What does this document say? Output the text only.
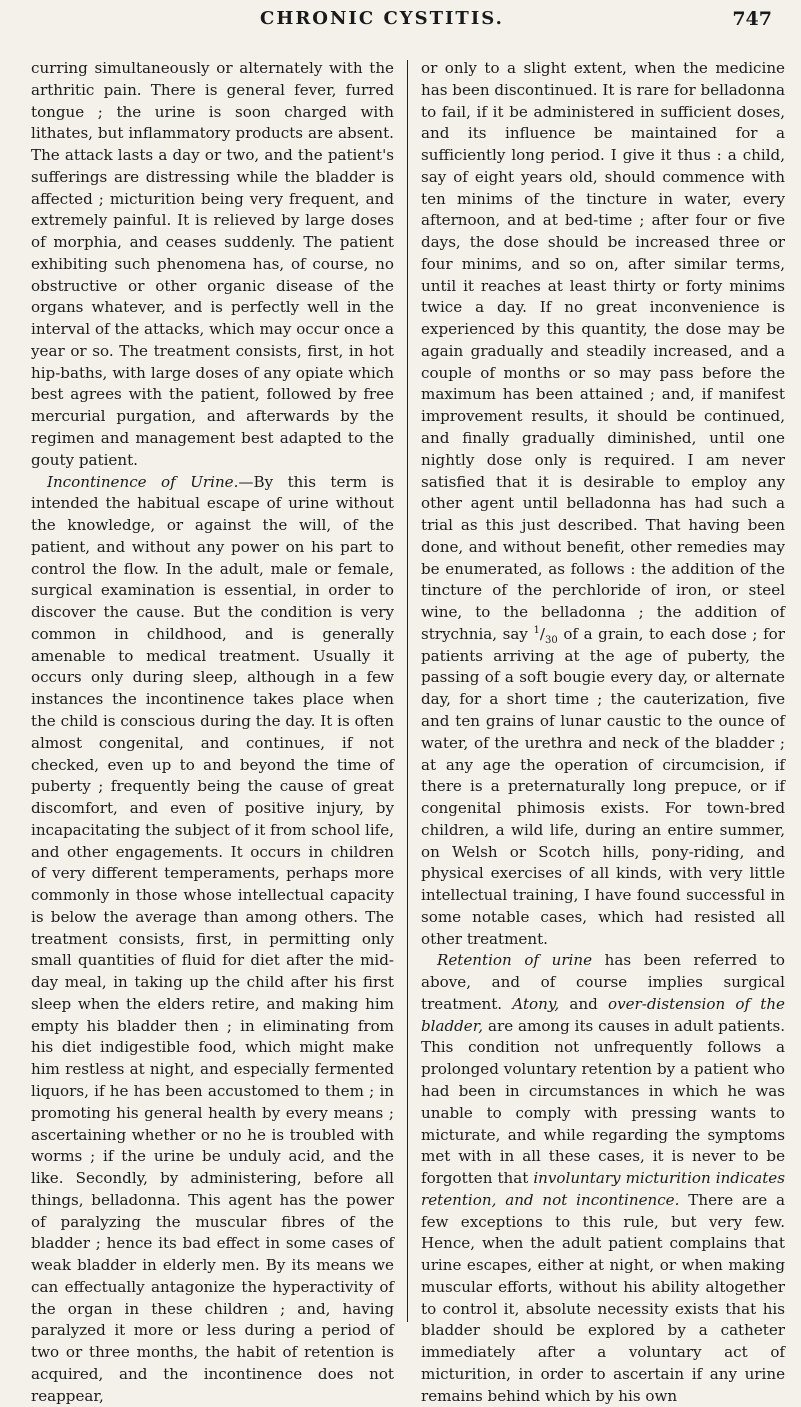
CHRONIC CYSTITIS.	747

curring simultaneously or alternately with the arthritic pain. There is general fever, furred tongue ; the urine is soon charged with lithates, but inflammatory products are absent. The attack lasts a day or two, and the patient's sufferings are distressing while the bladder is affected ; micturition being very frequent, and extremely painful. It is relieved by large doses of morphia, and ceases suddenly. The patient exhibiting such phenomena has, of course, no obstructive or other organic disease of the organs whatever, and is perfectly well in the interval of the attacks, which may occur once a year or so. The treatment consists, first, in hot hip-baths, with large doses of any opiate which best agrees with the patient, followed by free mercurial purgation, and afterwards by the regimen and management best adapted to the gouty patient.

Incontinence of Urine.—By this term is intended the habitual escape of urine without the knowledge, or against the will, of the patient, and without any power on his part to control the flow. In the adult, male or female, surgical examination is essential, in order to discover the cause. But the condition is very common in childhood, and is generally amenable to medical treatment. Usually it occurs only during sleep, although in a few instances the incontinence takes place when the child is conscious during the day. It is often almost congenital, and continues, if not checked, even up to and beyond the time of puberty ; frequently being the cause of great discomfort, and even of positive injury, by incapacitating the subject of it from school life, and other engagements. It occurs in children of very different temperaments, perhaps more commonly in those whose intellectual capacity is below the average than among others. The treatment consists, first, in permitting only small quantities of fluid for diet after the mid-day meal, in taking up the child after his first sleep when the elders retire, and making him empty his bladder then ; in eliminating from his diet indigestible food, which might make him restless at night, and especially fermented liquors, if he has been accustomed to them ; in promoting his general health by every means ; ascertaining whether or no he is troubled with worms ; if the urine be unduly acid, and the like. Secondly, by administering, before all things, belladonna. This agent has the power of paralyzing the muscular fibres of the bladder ; hence its bad effect in some cases of weak bladder in elderly men. By its means we can effectually antagonize the hyperactivity of the organ in these children ; and, having paralyzed it more or less during a period of two or three months, the habit of retention is acquired, and the incontinence does not reappear,

or only to a slight extent, when the medicine has been discontinued. It is rare for belladonna to fail, if it be administered in sufficient doses, and its influence be maintained for a sufficiently long period. I give it thus : a child, say of eight years old, should commence with ten minims of the tincture in water, every afternoon, and at bed-time ; after four or five days, the dose should be increased three or four minims, and so on, after similar terms, until it reaches at least thirty or forty minims twice a day. If no great inconvenience is experienced by this quantity, the dose may be again gradually and steadily increased, and a couple of months or so may pass before the maximum has been attained ; and, if manifest improvement results, it should be continued, and finally gradually diminished, until one nightly dose only is required. I am never satisfied that it is desirable to employ any other agent until belladonna has had such a trial as this just described. That having been done, and without benefit, other remedies may be enumerated, as follows : the addition of the tincture of the perchloride of iron, or steel wine, to the belladonna ; the addition of strychnia, say $^1/_{30}$ of a grain, to each dose ; for patients arriving at the age of puberty, the passing of a soft bougie every day, or alternate day, for a short time ; the cauterization, five and ten grains of lunar caustic to the ounce of water, of the urethra and neck of the bladder ; at any age the operation of circumcision, if there is a preternaturally long prepuce, or if congenital phimosis exists. For town-bred children, a wild life, during an entire summer, on Welsh or Scotch hills, pony-riding, and physical exercises of all kinds, with very little intellectual training, I have found successful in some notable cases, which had resisted all other treatment.

Retention of urine has been referred to above, and of course implies surgical treatment. Atony, and over-distension of the bladder, are among its causes in adult patients. This condition not unfrequently follows a prolonged voluntary retention by a patient who had been in circumstances in which he was unable to comply with pressing wants to micturate, and while regarding the symptoms met with in all these cases, it is never to be forgotten that involuntary micturition indicates retention, and not incontinence. There are a few exceptions to this rule, but very few. Hence, when the adult patient complains that urine escapes, either at night, or when making muscular efforts, without his ability altogether to control it, absolute necessity exists that his bladder should be explored by a catheter immediately after a voluntary act of micturition, in order to ascertain if any urine remains behind which by his own
